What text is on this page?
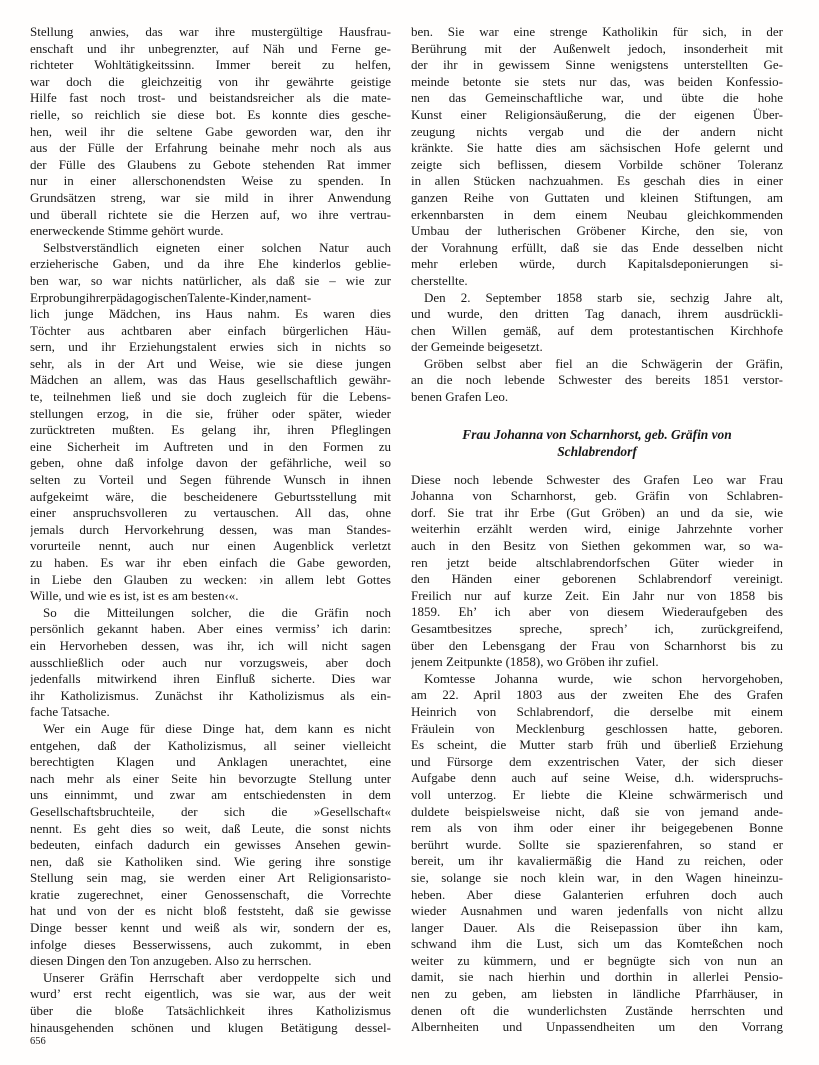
Stellung anwies, das war ihre mustergültige Hausfrau-
enschaft und ihr unbegrenzter, auf Näh und Ferne ge-
richteter Wohltätigkeitssinn. Immer bereit zu helfen,
war doch die gleichzeitig von ihr gewährte geistige
Hilfe fast noch trost- und beistandsreicher als die mate-
rielle, so reichlich sie diese bot. Es konnte dies gesche-
hen, weil ihr die seltene Gabe geworden war, den ihr
aus der Fülle der Erfahrung beinahe mehr noch als aus
der Fülle des Glaubens zu Gebote stehenden Rat immer
nur in einer allerschonendsten Weise zu spenden. In
Grundsätzen streng, war sie mild in ihrer Anwendung
und überall richtete sie die Herzen auf, wo ihre vertrau-
enerweckende Stimme gehört wurde.
Selbstverständlich eigneten einer solchen Natur auch
erzieherische Gaben, und da ihre Ehe kinderlos geblie-
ben war, so war nichts natürlicher, als daß sie – wie zur
ErprobungihrerpädagogischenTalente-Kinder,nament-
lich junge Mädchen, ins Haus nahm. Es waren dies
Töchter aus achtbaren aber einfach bürgerlichen Häu-
sern, und ihr Erziehungstalent erwies sich in nichts so
sehr, als in der Art und Weise, wie sie diese jungen
Mädchen an allem, was das Haus gesellschaftlich gewähr-
te, teilnehmen ließ und sie doch zugleich für die Lebens-
stellungen erzog, in die sie, früher oder später, wieder
zurücktreten mußten. Es gelang ihr, ihren Pfleglingen
eine Sicherheit im Auftreten und in den Formen zu
geben, ohne daß infolge davon der gefährliche, weil so
selten zu Vorteil und Segen führende Wunsch in ihnen
aufgekeimt wäre, die bescheidenere Geburtsstellung mit
einer anspruchsvolleren zu vertauschen. All das, ohne
jemals durch Hervorkehrung dessen, was man Standes-
vorurteile nennt, auch nur einen Augenblick verletzt
zu haben. Es war ihr eben einfach die Gabe geworden,
in Liebe den Glauben zu wecken: ›in allem lebt Gottes
Wille, und wie es ist, ist es am besten‹«.
So die Mitteilungen solcher, die die Gräfin noch
persönlich gekannt haben. Aber eines vermiss’ ich darin:
ein Hervorheben dessen, was ihr, ich will nicht sagen
ausschließlich oder auch nur vorzugsweis, aber doch
jedenfalls mitwirkend ihren Einfluß sicherte. Dies war
ihr Katholizismus. Zunächst ihr Katholizismus als ein-
fache Tatsache.
Wer ein Auge für diese Dinge hat, dem kann es nicht
entgehen, daß der Katholizismus, all seiner vielleicht
berechtigten Klagen und Anklagen unerachtet, eine
nach mehr als einer Seite hin bevorzugte Stellung unter
uns einnimmt, und zwar am entschiedensten in dem
Gesellschaftsbruchteile, der sich die »Gesellschaft«
nennt. Es geht dies so weit, daß Leute, die sonst nichts
bedeuten, einfach dadurch ein gewisses Ansehen gewin-
nen, daß sie Katholiken sind. Wie gering ihre sonstige
Stellung sein mag, sie werden einer Art Religionsaristo-
kratie zugerechnet, einer Genossenschaft, die Vorrechte
hat und von der es nicht bloß feststeht, daß sie gewisse
Dinge besser kennt und weiß als wir, sondern der es,
infolge dieses Besserwissens, auch zukommt, in eben
diesen Dingen den Ton anzugeben. Also zu herrschen.
Unserer Gräfin Herrschaft aber verdoppelte sich und
wurd’ erst recht eigentlich, was sie war, aus der weit
über die bloße Tatsächlichkeit ihres Katholizismus
hinausgehenden schönen und klugen Betätigung dessel-
ben. Sie war eine strenge Katholikin für sich, in der
Berührung mit der Außenwelt jedoch, insonderheit mit
der ihr in gewissem Sinne wenigstens unterstellten Ge-
meinde betonte sie stets nur das, was beiden Konfessio-
nen das Gemeinschaftliche war, und übte die hohe
Kunst einer Religionsäußerung, die der eigenen Über-
zeugung nichts vergab und die der andern nicht
kränkte. Sie hatte dies am sächsischen Hofe gelernt und
zeigte sich beflissen, diesem Vorbilde schöner Toleranz
in allen Stücken nachzuahmen. Es geschah dies in einer
ganzen Reihe von Guttaten und kleinen Stiftungen, am
erkennbarsten in dem einem Neubau gleichkommenden
Umbau der lutherischen Gröbener Kirche, den sie, von
der Vorahnung erfüllt, daß sie das Ende desselben nicht
mehr erleben würde, durch Kapitalsdeponierungen si-
cherstellte.
Den 2. September 1858 starb sie, sechzig Jahre alt,
und wurde, den dritten Tag danach, ihrem ausdrückli-
chen Willen gemäß, auf dem protestantischen Kirchhofe
der Gemeinde beigesetzt.
Gröben selbst aber fiel an die Schwägerin der Gräfin,
an die noch lebende Schwester des bereits 1851 verstor-
benen Grafen Leo.
Frau Johanna von Scharnhorst, geb. Gräfin von
Schlabrendorf
Diese noch lebende Schwester des Grafen Leo war Frau
Johanna von Scharnhorst, geb. Gräfin von Schlabren-
dorf. Sie trat ihr Erbe (Gut Gröben) an und da sie, wie
weiterhin erzählt werden wird, einige Jahrzehnte vorher
auch in den Besitz von Siethen gekommen war, so wa-
ren jetzt beide altschlabrendorfschen Güter wieder in
den Händen einer geborenen Schlabrendorf vereinigt.
Freilich nur auf kurze Zeit. Ein Jahr nur von 1858 bis
1859. Eh’ ich aber von diesem Wiederaufgeben des
Gesamtbesitzes spreche, sprech’ ich, zurückgreifend,
über den Lebensgang der Frau von Scharnhorst bis zu
jenem Zeitpunkte (1858), wo Gröben ihr zufiel.
Komtesse Johanna wurde, wie schon hervorgehoben,
am 22. April 1803 aus der zweiten Ehe des Grafen
Heinrich von Schlabrendorf, die derselbe mit einem
Fräulein von Mecklenburg geschlossen hatte, geboren.
Es scheint, die Mutter starb früh und überließ Erziehung
und Fürsorge dem exzentrischen Vater, der sich dieser
Aufgabe denn auch auf seine Weise, d.h. widerspruchs-
voll unterzog. Er liebte die Kleine schwärmerisch und
duldete beispielsweise nicht, daß sie von jemand ande-
rem als von ihm oder einer ihr beigegebenen Bonne
berührt wurde. Sollte sie spazierenfahren, so stand er
bereit, um ihr kavaliermäßig die Hand zu reichen, oder
sie, solange sie noch klein war, in den Wagen hineinzu-
heben. Aber diese Galanterien erfuhren doch auch
wieder Ausnahmen und waren jedenfalls von nicht allzu
langer Dauer. Als die Reisepassion über ihn kam,
schwand ihm die Lust, sich um das Komteßchen noch
weiter zu kümmern, und er begnügte sich von nun an
damit, sie nach hierhin und dorthin in allerlei Pensio-
nen zu geben, am liebsten in ländliche Pfarrhäuser, in
denen oft die wunderlichsten Zustände herrschten und
Albernheiten und Unpassendheiten um den Vorrang
656
